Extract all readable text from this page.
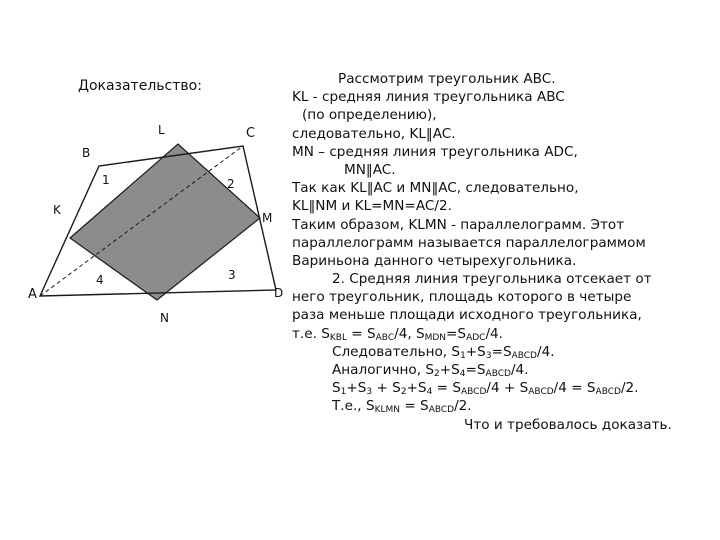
Доказательство:
A
B
C
D
K
L
M
N
1	2
3
4
Рассмотрим треугольник ABC.
KL - средняя линия треугольника ABC
(по определению),
следовательно, KL‖AC.
MN – средняя линия треугольника ADC,
MN‖AC.
Так как KL‖AC и MN‖AC, следовательно,
KL‖NM и KL=MN=AC/2.
Таким образом, KLMN - параллелограмм. Этот
параллелограмм называется параллелограммом
Вариньона данного четырехугольника.
2. Средняя линия треугольника отсекает от
него треугольник, площадь которого в четыре
раза меньше площади исходного треугольника,
т.е. $S_{KBL} = S_{ABC}/4$, $S_{MDN}=S_{ADC}/4$.
Следовательно, $S_1+S_3=S_{ABCD}/4$.
Аналогично, $S_2+S_4=S_{ABCD}/4$.
$S_1+S_3 + S_2+S_4 = S_{ABCD}/4 + S_{ABCD}/4 = S_{ABCD}/2$.
Т.е., $S_{KLMN} = S_{ABCD}/2$.
Что и требовалось доказать.
